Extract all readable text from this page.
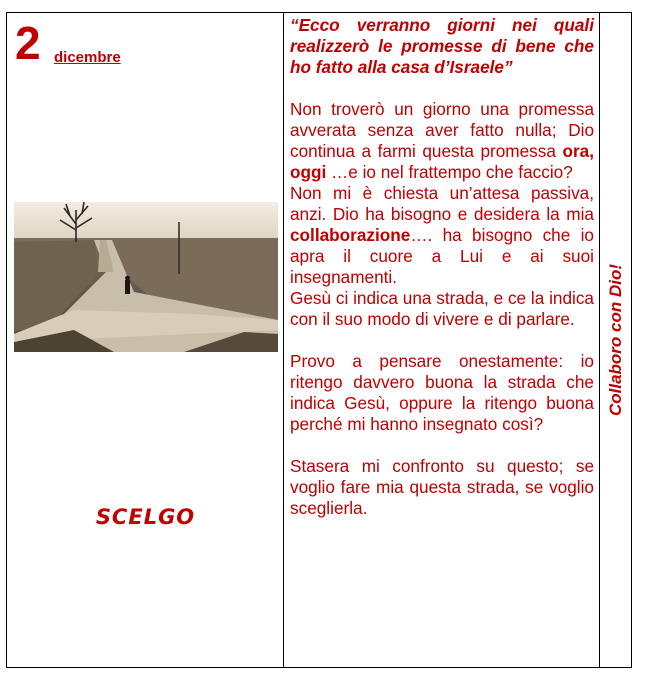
2 dicembre
SCELGO

“Ecco verranno giorni nei quali realizzerò le promesse di bene che ho fatto alla casa d’Israele”

Non troverò un giorno una promessa avverata senza aver fatto nulla; Dio continua a farmi questa promessa ora, oggi …e io nel frattempo che faccio?

Non mi è chiesta un’attesa passiva, anzi. Dio ha bisogno e desidera la mia collaborazione…. ha bisogno che io apra il cuore a Lui e ai suoi insegnamenti.

Gesù ci indica una strada, e ce la indica con il suo modo di vivere e di parlare.

Provo a pensare onestamente: io ritengo davvero buona la strada che indica Gesù, oppure la ritengo buona perché mi hanno insegnato così?

Stasera mi confronto su questo; se voglio fare mia questa strada, se voglio sceglierla.

Collaboro con Dio!
